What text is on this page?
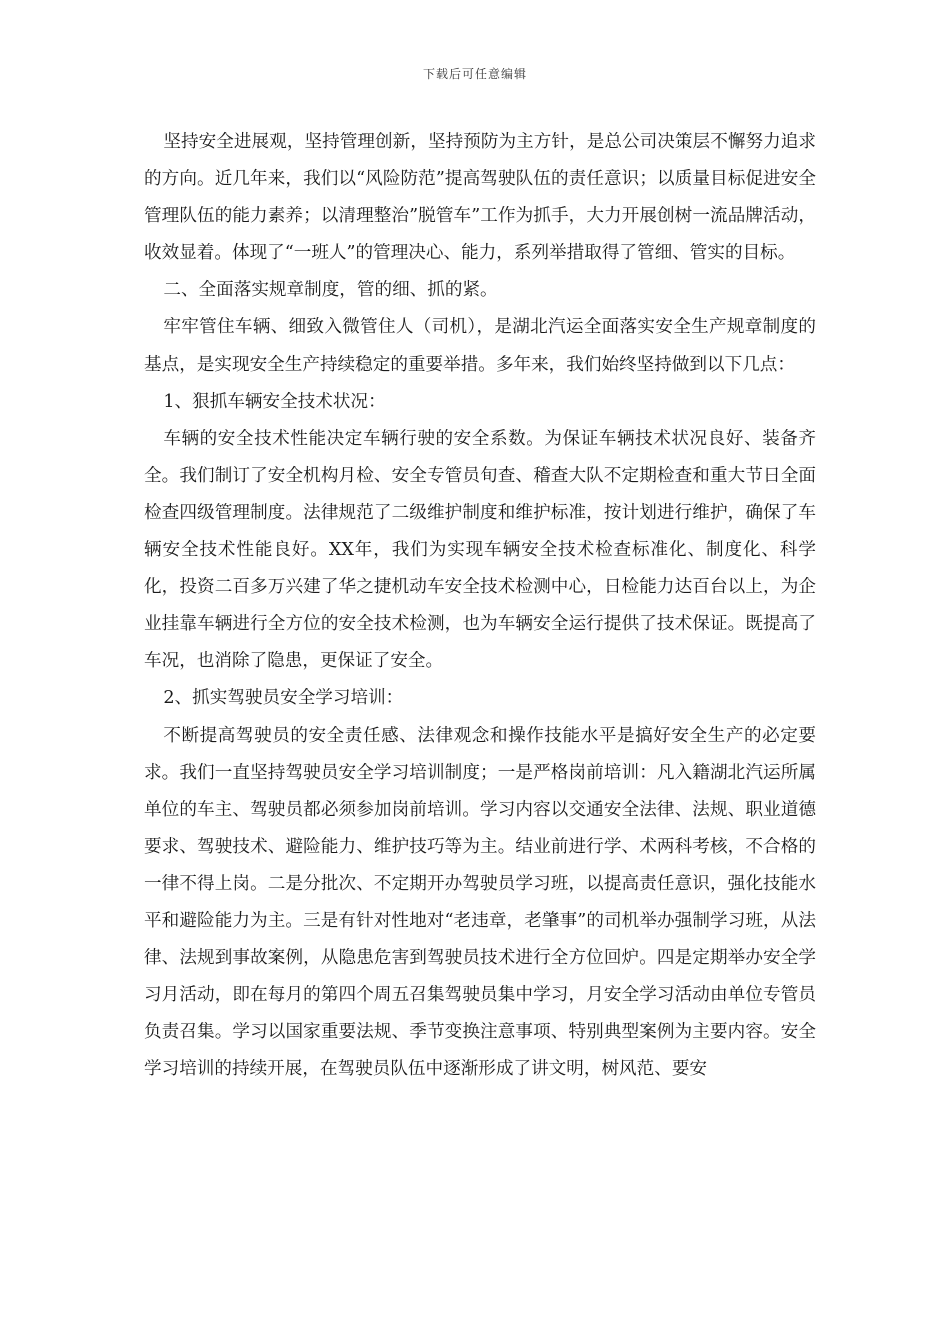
下载后可任意编辑

坚持安全进展观，坚持管理创新，坚持预防为主方针，是总公司决策层不懈努力追求的方向。近几年来，我们以“风险防范”提高驾驶队伍的责任意识；以质量目标促进安全管理队伍的能力素养；以清理整治”脱管车”工作为抓手，大力开展创树一流品牌活动，收效显着。体现了“一班人”的管理决心、能力，系列举措取得了管细、管实的目标。

二、全面落实规章制度，管的细、抓的紧。

牢牢管住车辆、细致入微管住人（司机），是湖北汽运全面落实安全生产规章制度的基点，是实现安全生产持续稳定的重要举措。多年来，我们始终坚持做到以下几点：

1、狠抓车辆安全技术状况：

车辆的安全技术性能决定车辆行驶的安全系数。为保证车辆技术状况良好、装备齐全。我们制订了安全机构月检、安全专管员旬查、稽查大队不定期检查和重大节日全面检查四级管理制度。法律规范了二级维护制度和维护标准，按计划进行维护，确保了车辆安全技术性能良好。XX年，我们为实现车辆安全技术检查标准化、制度化、科学化，投资二百多万兴建了华之捷机动车安全技术检测中心，日检能力达百台以上，为企业挂靠车辆进行全方位的安全技术检测，也为车辆安全运行提供了技术保证。既提高了车况，也消除了隐患，更保证了安全。

2、抓实驾驶员安全学习培训：

不断提高驾驶员的安全责任感、法律观念和操作技能水平是搞好安全生产的必定要求。我们一直坚持驾驶员安全学习培训制度；一是严格岗前培训：凡入籍湖北汽运所属单位的车主、驾驶员都必须参加岗前培训。学习内容以交通安全法律、法规、职业道德要求、驾驶技术、避险能力、维护技巧等为主。结业前进行学、术两科考核，不合格的一律不得上岗。二是分批次、不定期开办驾驶员学习班，以提高责任意识，强化技能水平和避险能力为主。三是有针对性地对“老违章，老肇事”的司机举办强制学习班，从法律、法规到事故案例，从隐患危害到驾驶员技术进行全方位回炉。四是定期举办安全学习月活动，即在每月的第四个周五召集驾驶员集中学习，月安全学习活动由单位专管员负责召集。学习以国家重要法规、季节变换注意事项、特别典型案例为主要内容。安全学习培训的持续开展，在驾驶员队伍中逐渐形成了讲文明，树风范、要安
